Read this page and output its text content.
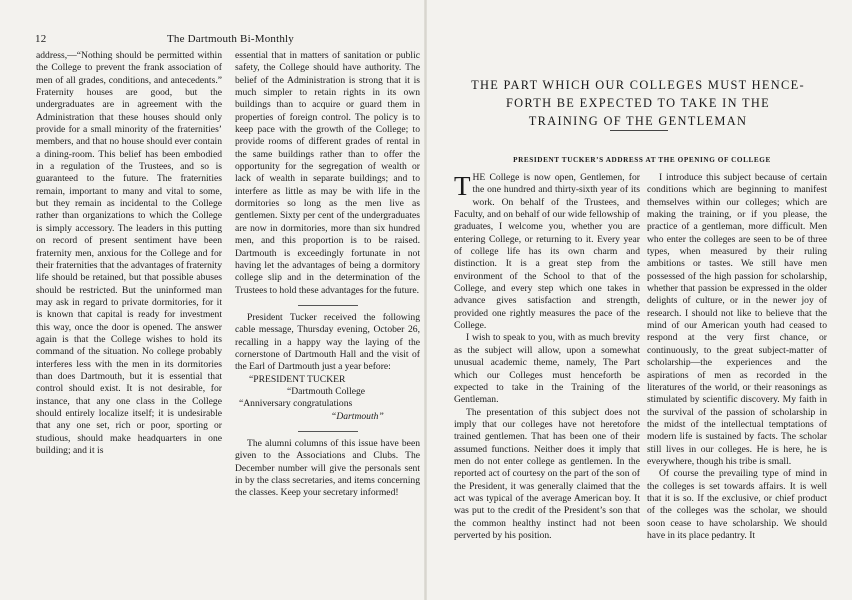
12	The Dartmouth Bi-Monthly

address,—“Nothing should be permitted within the College to prevent the frank association of men of all grades, conditions, and antecedents.” Fraternity houses are good, but the undergraduates are in agreement with the Administration that these houses should only provide for a small minority of the fraternities’ members, and that no house should ever contain a dining-room. This belief has been embodied in a regulation of the Trustees, and so is guaranteed to the future. The fraternities remain, important to many and vital to some, but they remain as incidental to the College rather than organizations to which the College is simply accessory. The leaders in this putting on record of present sentiment have been fraternity men, anxious for the College and for their fraternities that the advantages of fraternity life should be retained, but that possible abuses should be restricted. But the uninformed man may ask in regard to private dormitories, for it is known that capital is ready for investment this way, once the door is opened. The answer again is that the College wishes to hold its command of the situation. No college probably interferes less with the men in its dormitories than does Dartmouth, but it is essential that control should exist. It is not desirable, for instance, that any one class in the College should entirely localize itself; it is undesirable that any one set, rich or poor, sporting or studious, should make headquarters in one building; and it is

essential that in matters of sanitation or public safety, the College should have authority. The belief of the Administration is strong that it is much simpler to retain rights in its own buildings than to acquire or guard them in properties of foreign control. The policy is to keep pace with the growth of the College; to provide rooms of different grades of rental in the same buildings rather than to offer the opportunity for the segregation of wealth or lack of wealth in separate buildings; and to interfere as little as may be with life in the dormitories so long as the men live as gentlemen. Sixty per cent of the undergraduates are now in dormitories, more than six hundred men, and this proportion is to be raised. Dartmouth is exceedingly fortunate in not having let the advantages of being a dormitory college slip and in the determination of the Trustees to hold these advantages for the future.

President Tucker received the following cable message, Thursday evening, October 26, recalling in a happy way the laying of the cornerstone of Dartmouth Hall and the visit of the Earl of Dartmouth just a year before:

“PRESIDENT TUCKER
“Dartmouth College
“Anniversary congratulations
“Dartmouth”

The alumni columns of this issue have been given to the Associations and Clubs. The December number will give the personals sent in by the class secretaries, and items concerning the classes. Keep your secretary informed!

THE PART WHICH OUR COLLEGES MUST HENCE-
FORTH BE EXPECTED TO TAKE IN THE
TRAINING OF THE GENTLEMAN
PRESIDENT TUCKER’S ADDRESS AT THE OPENING OF COLLEGE

THE College is now open, Gentlemen, for the one hundred and thirty-sixth year of its work. On behalf of the Trustees, and Faculty, and on behalf of our wide fellowship of graduates, I welcome you, whether you are entering College, or returning to it. Every year of college life has its own charm and distinction. It is a great step from the environment of the School to that of the College, and every step which one takes in advance gives satisfaction and strength, provided one rightly measures the pace of the College.

I wish to speak to you, with as much brevity as the subject will allow, upon a somewhat unusual academic theme, namely, The Part which our Colleges must henceforth be expected to take in the Training of the Gentleman.

The presentation of this subject does not imply that our colleges have not heretofore trained gentlemen. That has been one of their assumed functions. Neither does it imply that men do not enter college as gentlemen. In the reported act of courtesy on the part of the son of the President, it was generally claimed that the act was typical of the average American boy. It was put to the credit of the President’s son that the common healthy instinct had not been perverted by his position.

I introduce this subject because of certain conditions which are beginning to manifest themselves within our colleges; which are making the training, or if you please, the practice of a gentleman, more difficult. Men who enter the colleges are seen to be of three types, when measured by their ruling ambitions or tastes. We still have men possessed of the high passion for scholarship, whether that passion be expressed in the older delights of culture, or in the newer joy of research. I should not like to believe that the mind of our American youth had ceased to respond at the very first chance, or continuously, to the great subject-matter of scholarship—the experiences and the aspirations of men as recorded in the literatures of the world, or their reasonings as stimulated by scientific discovery. My faith in the survival of the passion of scholarship in the midst of the intellectual temptations of modern life is sustained by facts. The scholar still lives in our colleges. He is here, he is everywhere, though his tribe is small.

Of course the prevailing type of mind in the colleges is set towards affairs. It is well that it is so. If the exclusive, or chief product of the colleges was the scholar, we should soon cease to have scholarship. We should have in its place pedantry. It
